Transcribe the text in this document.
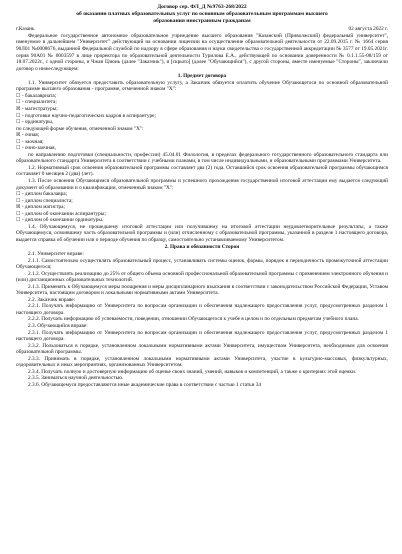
Договор сер. ФЛ_Д №9763-268/2022
об оказании платных образовательных услуг по основным образовательным программам высшего
образования иностранным гражданам
г.Казань	02 августа 2022 г.
Федеральное государственное автономное образовательное учреждение высшего образования "Казанский (Приволжский) федеральный университет", именуемое в дальнейшем "Университет" действующий на основании лицензии на осуществление образовательной деятельности от 22.09.2015 г. № 1664 серия 90Л01 №0008676, выданной Федеральной службой по надзору в сфере образования и науки свидетельства о государственной аккредитации № 3577 от 19.05.2021г. серия 90А01 № 0003597 в лице проректора по образовательной деятельности Турилова Е.А., действующей по основании доверенности № 0.1.1.55-08/159 от 18.07.2022г., с одной стороны, и Чжан Цзюнь (далее "Заказчик"), и [скрыто] (далее "Обучающийся"), с другой стороны, вместе именуемые "Стороны", заключили договор о нижеследующем:
1. Предмет договора
1.1. Университет обязуется предоставить образовательную услугу, а Заказчик обязуется оплатить обучение Обучающегося по основной образовательной программе высшего образования - программе, отмеченной знаком "X":
☐ - бакалавриата;
☐ - специалитета;
☒ - магистратуры;
☐ - подготовки научно-педагогических кадров в аспирантуре;
☐ - ординатуры,
по следующей форме обучения, отмеченной знаком "X":
☒ - очная;
☐ - заочная;
☐ - очно-заочная,
по направлению подготовки (специальности, профессии) 45.04.01 Филология, в пределах федерального государственного образовательного стандарта или образовательного стандарта Университета в соответствии с учебными планами, в том числе индивидуальными, и образовательными программами Университета.
1.2. Нормативный срок освоения образовательной программы составляет два (2) года. Оставшийся срок освоения образовательной программы обучающимся составляет 0 месяцев 2 (два) (лет).
1.3. После освоения Обучающимся образовательной программы и успешного прохождения государственной итоговой аттестации ему выдается следующий документ об образовании и о квалификации, отмеченный знаком "X":
☐ - диплом бакалавра;
☐ - диплом специалиста;
☒ - диплом магистра;
☐ - диплом об окончании аспирантуры;
☐ - диплом об окончании ординатуры.
1.4. Обучающемуся, не прошедшему итоговой аттестации или получившему на итоговой аттестации неудовлетворительные результаты, а также Обучающемуся, освоившему часть образовательной программы и (или) отчисленному с образовательной программы, указанной в разделе 1 настоящего договора, выдается справка об обучении или о периоде обучения по образцу, самостоятельно устанавливаемому Университетом.
2. Права и обязанности Сторон
2.1. Университет вправе:
2.1.1. Самостоятельно осуществлять образовательный процесс, устанавливать системы оценок, формы, порядок и периодичность промежуточной аттестации Обучающегося;
2.1.2. Осуществлять реализацию до 25% от общего объема основной профессиональной образовательной программы с применением электронного обучения и (или) дистанционных образовательных технологий.
2.1.3. Применять к Обучающемуся меры поощрения и меры дисциплинарного взыскания в соответствии с законодательством Российской Федерации, Уставом Университета, настоящим договором и локальными нормативными актами Университета.
2.2. Заказчик вправе:
2.2.1. Получать информацию от Университета по вопросам организации и обеспечения надлежащего предоставления услуг, предусмотренных разделом 1 настоящего договора.
2.2.2. Получать информацию об успеваемости, поведении, отношении Обучающегося к учебе в целом и по отдельным предметам учебного плана.
2.3. Обучающийся вправе:
2.3.1. Получать информацию от Университета по вопросам организации и обеспечения надлежащего предоставления услуг, предусмотренных разделом 1 настоящего договора.
2.3.2. Пользоваться в порядке, установленном локальными нормативными актами Университета, имуществом Университета, необходимым для освоения образовательной программы.
2.3.3. Принимать в порядке, установленном локальными нормативными актами Университета, участие в культурно-массовых, физкультурных, оздоровительных и иных мероприятиях, организованных Университетом.
2.3.4. Получать полную и достоверную информацию об оценке своих знаний, умений, навыков и компетенций, а также о критериях этой оценки.
2.3.5. Заниматься научной деятельностью.
2.3.6. Обучающемуся предоставляются иные академические права в соответствии с частью 1 статьи 34
